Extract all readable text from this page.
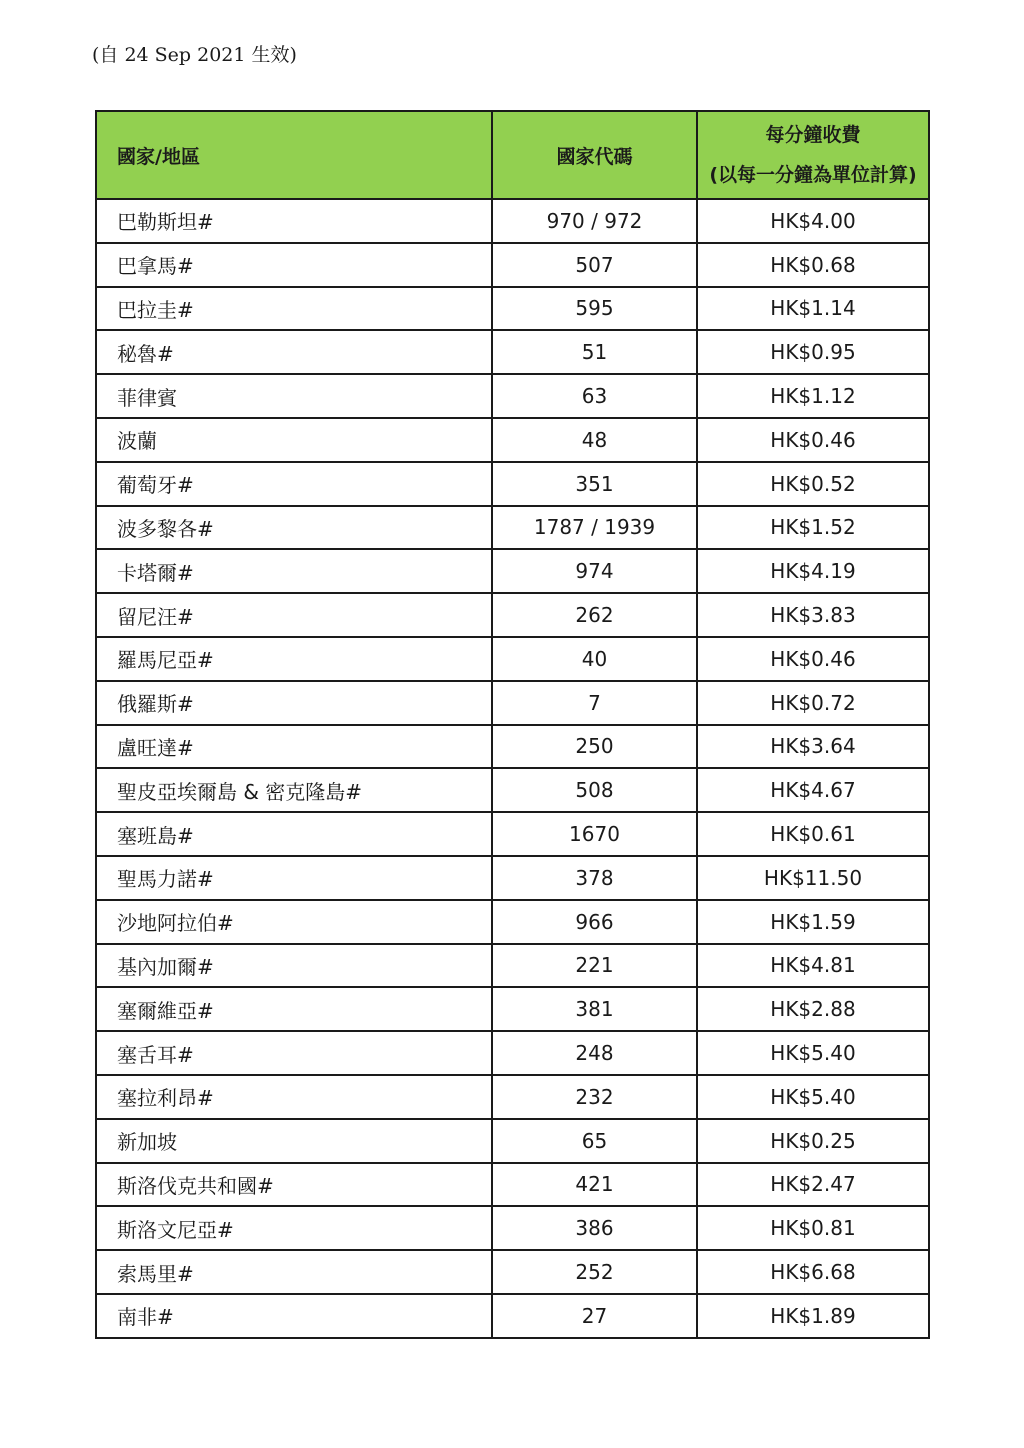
(自 24 Sep 2021 生效)
國家/地區	國家代碼	每分鐘收費
(以每一分鐘為單位計算)

巴勒斯坦#	970 / 972	HK$4.00
巴拿馬#	507	HK$0.68
巴拉圭#	595	HK$1.14
秘魯#	51	HK$0.95
菲律賓	63	HK$1.12
波蘭	48	HK$0.46
葡萄牙#	351	HK$0.52
波多黎各#	1787 / 1939	HK$1.52
卡塔爾#	974	HK$4.19
留尼汪#	262	HK$3.83
羅馬尼亞#	40	HK$0.46
俄羅斯#	7	HK$0.72
盧旺達#	250	HK$3.64
聖皮亞埃爾島 & 密克隆島#	508	HK$4.67
塞班島#	1670	HK$0.61
聖馬力諾#	378	HK$11.50
沙地阿拉伯#	966	HK$1.59
基內加爾#	221	HK$4.81
塞爾維亞#	381	HK$2.88
塞舌耳#	248	HK$5.40
塞拉利昂#	232	HK$5.40
新加坡	65	HK$0.25
斯洛伐克共和國#	421	HK$2.47
斯洛文尼亞#	386	HK$0.81
索馬里#	252	HK$6.68
南非#	27	HK$1.89
